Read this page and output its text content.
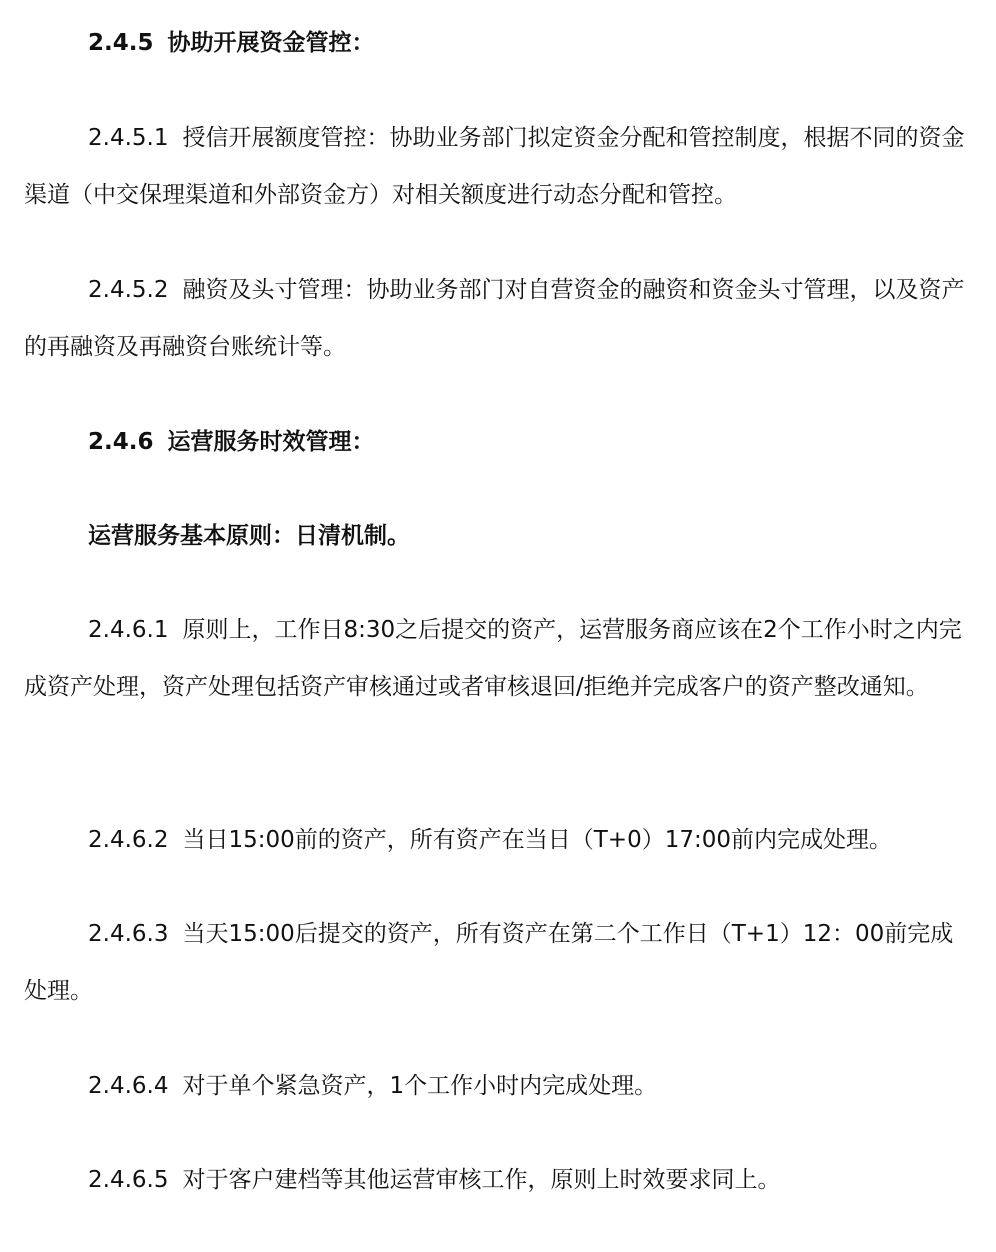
2.4.5 协助开展资金管控：

2.4.5.1 授信开展额度管控：协助业务部门拟定资金分配和管控制度，根据不同的资金渠道（中交保理渠道和外部资金方）对相关额度进行动态分配和管控。

2.4.5.2 融资及头寸管理：协助业务部门对自营资金的融资和资金头寸管理，以及资产的再融资及再融资台账统计等。

2.4.6 运营服务时效管理：

运营服务基本原则：日清机制。

2.4.6.1 原则上，工作日8:30之后提交的资产，运营服务商应该在2个工作小时之内完成资产处理，资产处理包括资产审核通过或者审核退回/拒绝并完成客户的资产整改通知。

2.4.6.2 当日15:00前的资产，所有资产在当日（T+0）17:00前内完成处理。

2.4.6.3 当天15:00后提交的资产，所有资产在第二个工作日（T+1）12：00前完成处理。

2.4.6.4 对于单个紧急资产，1个工作小时内完成处理。

2.4.6.5 对于客户建档等其他运营审核工作，原则上时效要求同上。
